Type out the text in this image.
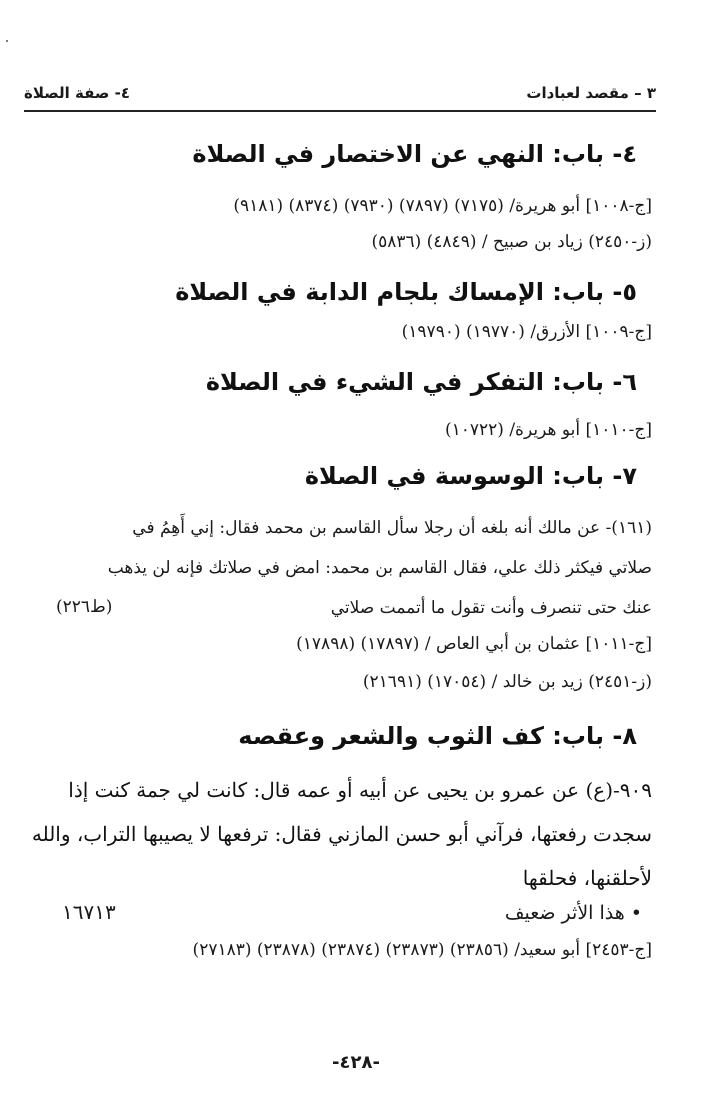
٣ – مقصد لعبادات
٤- صفة الصلاة
٤- باب: النهي عن الاختصار في الصلاة
[ج-١٠٠٨] أبو هريرة/ (٧١٧٥) (٧٨٩٧) (٧٩٣٠) (٨٣٧٤) (٩١٨١)
(ز-٢٤٥٠) زياد بن صبيح / (٤٨٤٩) (٥٨٣٦)
٥- باب: الإمساك بلجام الدابة في الصلاة
[ج-١٠٠٩] الأزرق/ (١٩٧٧٠) (١٩٧٩٠)
٦- باب: التفكر في الشيء في الصلاة
[ج-١٠١٠] أبو هريرة/ (١٠٧٢٢)
٧- باب: الوسوسة في الصلاة
(١٦١)- عن مالك أنه بلغه أن رجلا سأل القاسم بن محمد فقال: إني أَهِمُ في
صلاتي فيكثر ذلك علي، فقال القاسم بن محمد: امض في صلاتك فإنه لن يذهب
عنك حتى تنصرف وأنت تقول ما أتممت صلاتي
(ط٢٢٦)
[ج-١٠١١] عثمان بن أبي العاص / (١٧٨٩٧) (١٧٨٩٨)
(ز-٢٤٥١) زيد بن خالد / (١٧٠٥٤) (٢١٦٩١)
٨- باب: كف الثوب والشعر وعقصه
٩٠٩-(ع) عن عمرو بن يحيى عن أبيه أو عمه قال: كانت لي جمة كنت إذا
سجدت رفعتها، فرآني أبو حسن المازني فقال: ترفعها لا يصيبها التراب، والله
لأحلقنها، فحلقها
• هذا الأثر ضعيف
١٦٧١٣
[ج-٢٤٥٣] أبو سعيد/ (٢٣٨٥٦) (٢٣٨٧٣) (٢٣٨٧٤) (٢٣٨٧٨) (٢٧١٨٣)
-٤٢٨-
